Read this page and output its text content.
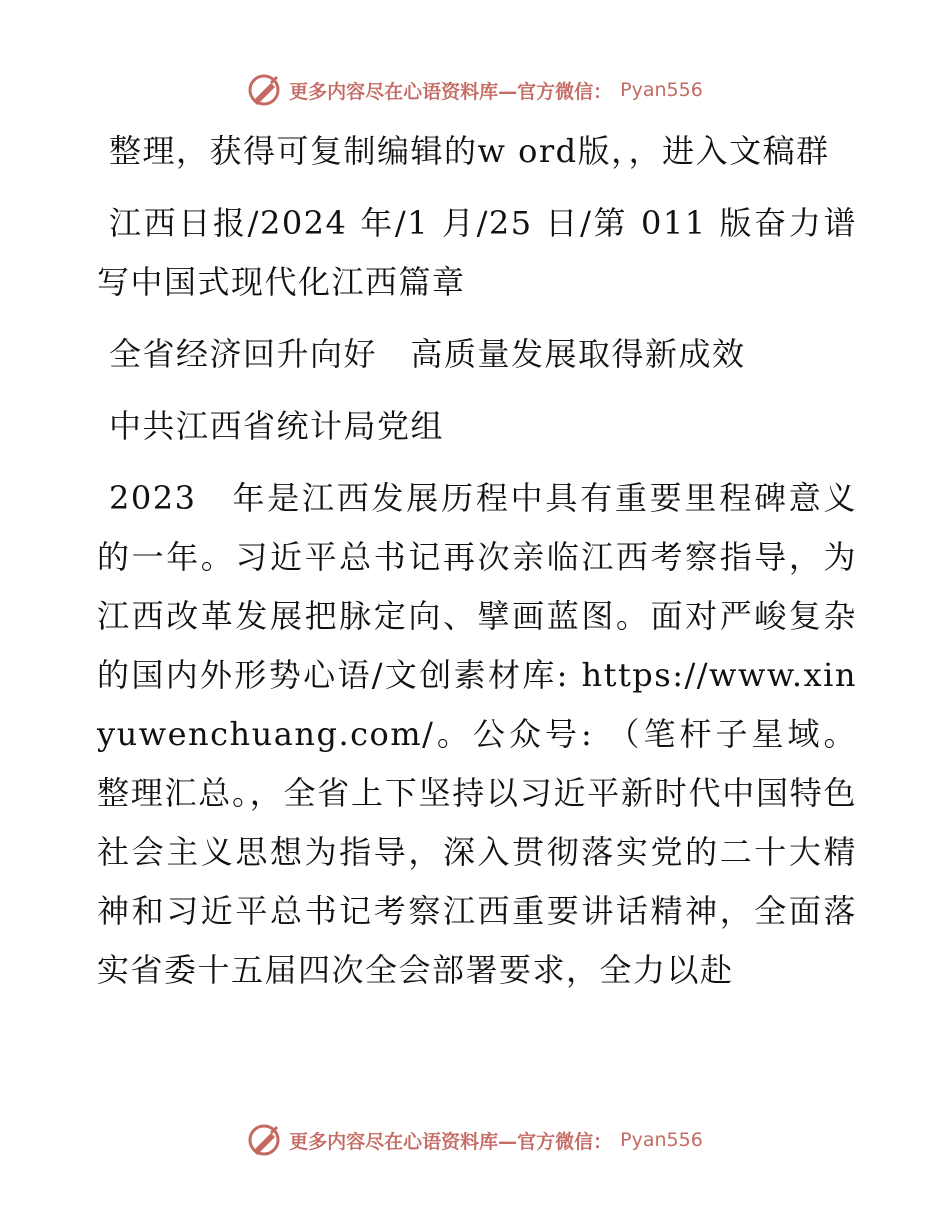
更多内容尽在心语资料库—官方微信： Pyan556

整理，获得可复制编辑的w ord版，，进入文稿群

江西日报/2024 年/1 月/25 日/第 011 版奋力谱写中国式现代化江西篇章

全省经济回升向好　高质量发展取得新成效

中共江西省统计局党组

2023　年是江西发展历程中具有重要里程碑意义的一年。习近平总书记再次亲临江西考察指导，为江西改革发展把脉定向、擘画蓝图。面对严峻复杂的国内外形势心语/文创素材库: https://www.xinyuwenchuang.com/。公众号: （笔杆子星域。整理汇总。，全省上下坚持以习近平新时代中国特色社会主义思想为指导，深入贯彻落实党的二十大精神和习近平总书记考察江西重要讲话精神，全面落实省委十五届四次全会部署要求，全力以赴

更多内容尽在心语资料库—官方微信： Pyan556
